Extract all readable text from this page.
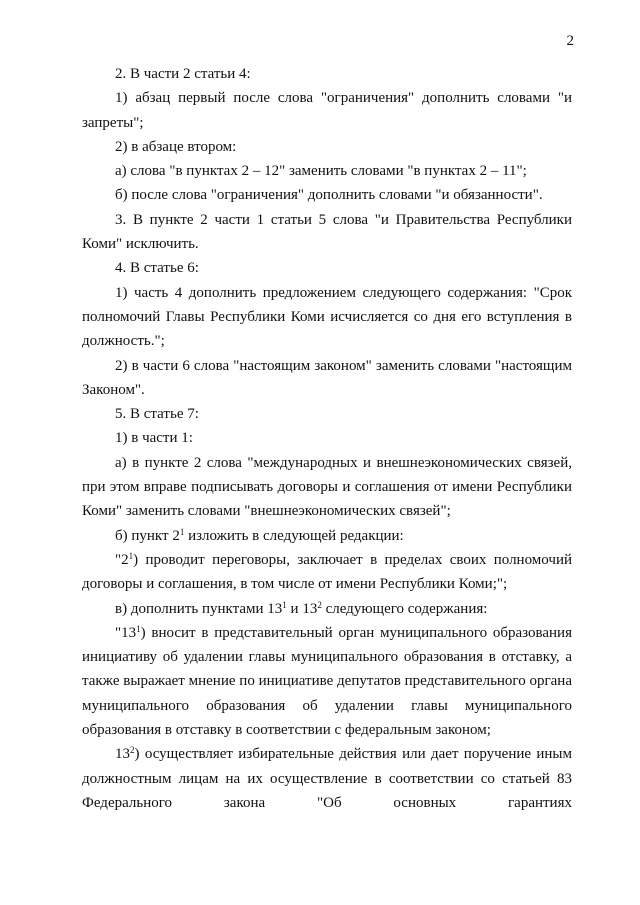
2

2. В части 2 статьи 4:

1) абзац первый после слова "ограничения" дополнить словами "и запреты";

2) в абзаце втором:

а) слова "в пунктах 2 – 12" заменить словами "в пунктах 2 – 11";

б) после слова "ограничения" дополнить словами "и обязанности".

3. В пункте 2 части 1 статьи 5 слова "и Правительства Республики Коми" исключить.

4. В статье 6:

1) часть 4 дополнить предложением следующего содержания: "Срок полномочий Главы Республики Коми исчисляется со дня его вступления в должность.";

2) в части 6 слова "настоящим законом" заменить словами "настоящим Законом".

5. В статье 7:

1) в части 1:

а) в пункте 2 слова "международных и внешнеэкономических связей, при этом вправе подписывать договоры и соглашения от имени Республики Коми" заменить словами "внешнеэкономических связей";

б) пункт $2^1$ изложить в следующей редакции:

"$2^1$) проводит переговоры, заключает в пределах своих полномочий договоры и соглашения, в том числе от имени Республики Коми;";

в) дополнить пунктами $13^1$ и $13^2$ следующего содержания:

"$13^1$) вносит в представительный орган муниципального образования инициативу об удалении главы муниципального образования в отставку, а также выражает мнение по инициативе депутатов представительного органа муниципального образования об удалении главы муниципального образования в отставку в соответствии с федеральным законом;

$13^2$) осуществляет избирательные действия или дает поручение иным должностным лицам на их осуществление в соответствии со статьей 83 Федерального закона "Об основных гарантиях
